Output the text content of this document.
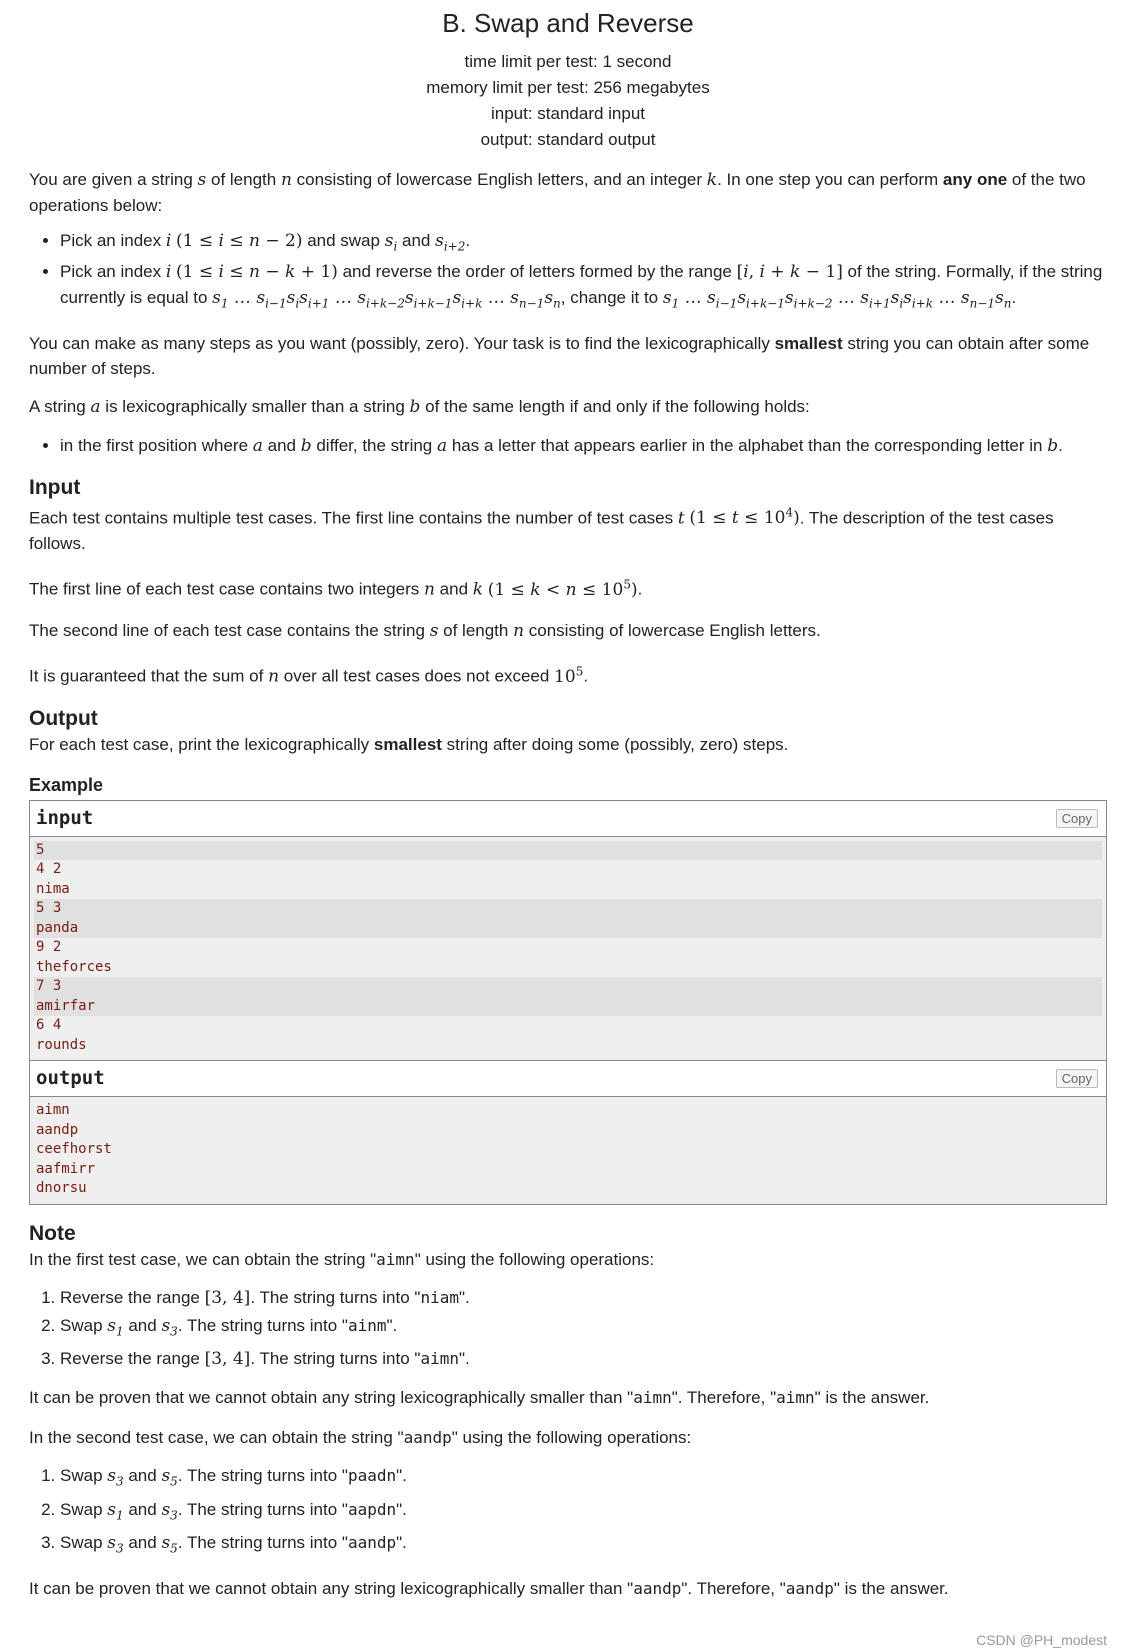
B. Swap and Reverse
time limit per test: 1 second
memory limit per test: 256 megabytes
input: standard input
output: standard output

You are given a string s of length n consisting of lowercase English letters, and an integer k. In one step you can perform any one of the two operations below:

• Pick an index i (1 ≤ i ≤ n − 2) and swap $s_i$ and $s_{i+2}$.
• Pick an index i (1 ≤ i ≤ n − k + 1) and reverse the order of letters formed by the range [i, i + k − 1] of the string. Formally, if the string currently is equal to $s_1$ … $s_{i-1}s_is_{i+1}$ … $s_{i+k-2}s_{i+k-1}s_{i+k}$ … $s_{n-1}s_n$, change it to $s_1$ … $s_{i-1}s_{i+k-1}s_{i+k-2}$ … $s_{i+1}s_is_{i+k}$ … $s_{n-1}s_n$.

You can make as many steps as you want (possibly, zero). Your task is to find the lexicographically smallest string you can obtain after some number of steps.

A string a is lexicographically smaller than a string b of the same length if and only if the following holds:

• in the first position where a and b differ, the string a has a letter that appears earlier in the alphabet than the corresponding letter in b.
Input

Each test contains multiple test cases. The first line contains the number of test cases t $(1 \le t \le 10^4)$. The description of the test cases follows.

The first line of each test case contains two integers n and k $(1 \le k < n \le 10^5)$.

The second line of each test case contains the string s of length n consisting of lowercase English letters.

It is guaranteed that the sum of n over all test cases does not exceed $10^5$.

Output

For each test case, print the lexicographically smallest string after doing some (possibly, zero) steps.

Example
input	Copy
5
4 2
nima
5 3
panda
9 2
theforces
7 3
amirfar
6 4
rounds
output	Copy
aimn
aandp
ceefhorst
aafmirr
dnorsu
Note

In the first test case, we can obtain the string "aimn" using the following operations:

1. Reverse the range [3, 4]. The string turns into "niam".
2. Swap $s_1$ and $s_3$. The string turns into "ainm".
3. Reverse the range [3, 4]. The string turns into "aimn".

It can be proven that we cannot obtain any string lexicographically smaller than "aimn". Therefore, "aimn" is the answer.

In the second test case, we can obtain the string "aandp" using the following operations:

1. Swap $s_3$ and $s_5$. The string turns into "paadn".
2. Swap $s_1$ and $s_3$. The string turns into "aapdn".
3. Swap $s_3$ and $s_5$. The string turns into "aandp".

It can be proven that we cannot obtain any string lexicographically smaller than "aandp". Therefore, "aandp" is the answer.

CSDN @PH_modest
